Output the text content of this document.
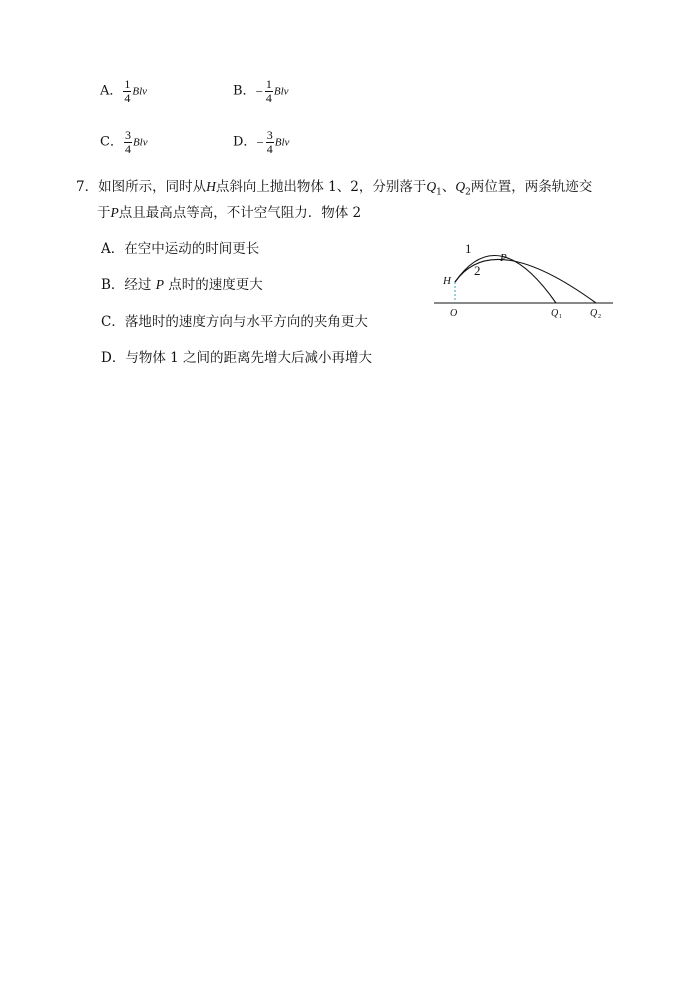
A． $\frac{1}{4}$ Blv	B．− $\frac{1}{4}$ Blv
C． $\frac{3}{4}$ Blv	D．− $\frac{3}{4}$ Blv
7．如图所示，同时从H点斜向上抛出物体 1、2，分别落于$Q_1$、$Q_2$两位置，两条轨迹交
于P点且最高点等高，不计空气阻力．物体 2
A．在空中运动的时间更长
B．经过 P 点时的速度更大
C．落地时的速度方向与水平方向的夹角更大
D．与物体 1 之间的距离先增大后减小再增大
1
2
H
P
O	Q 1	Q 2
